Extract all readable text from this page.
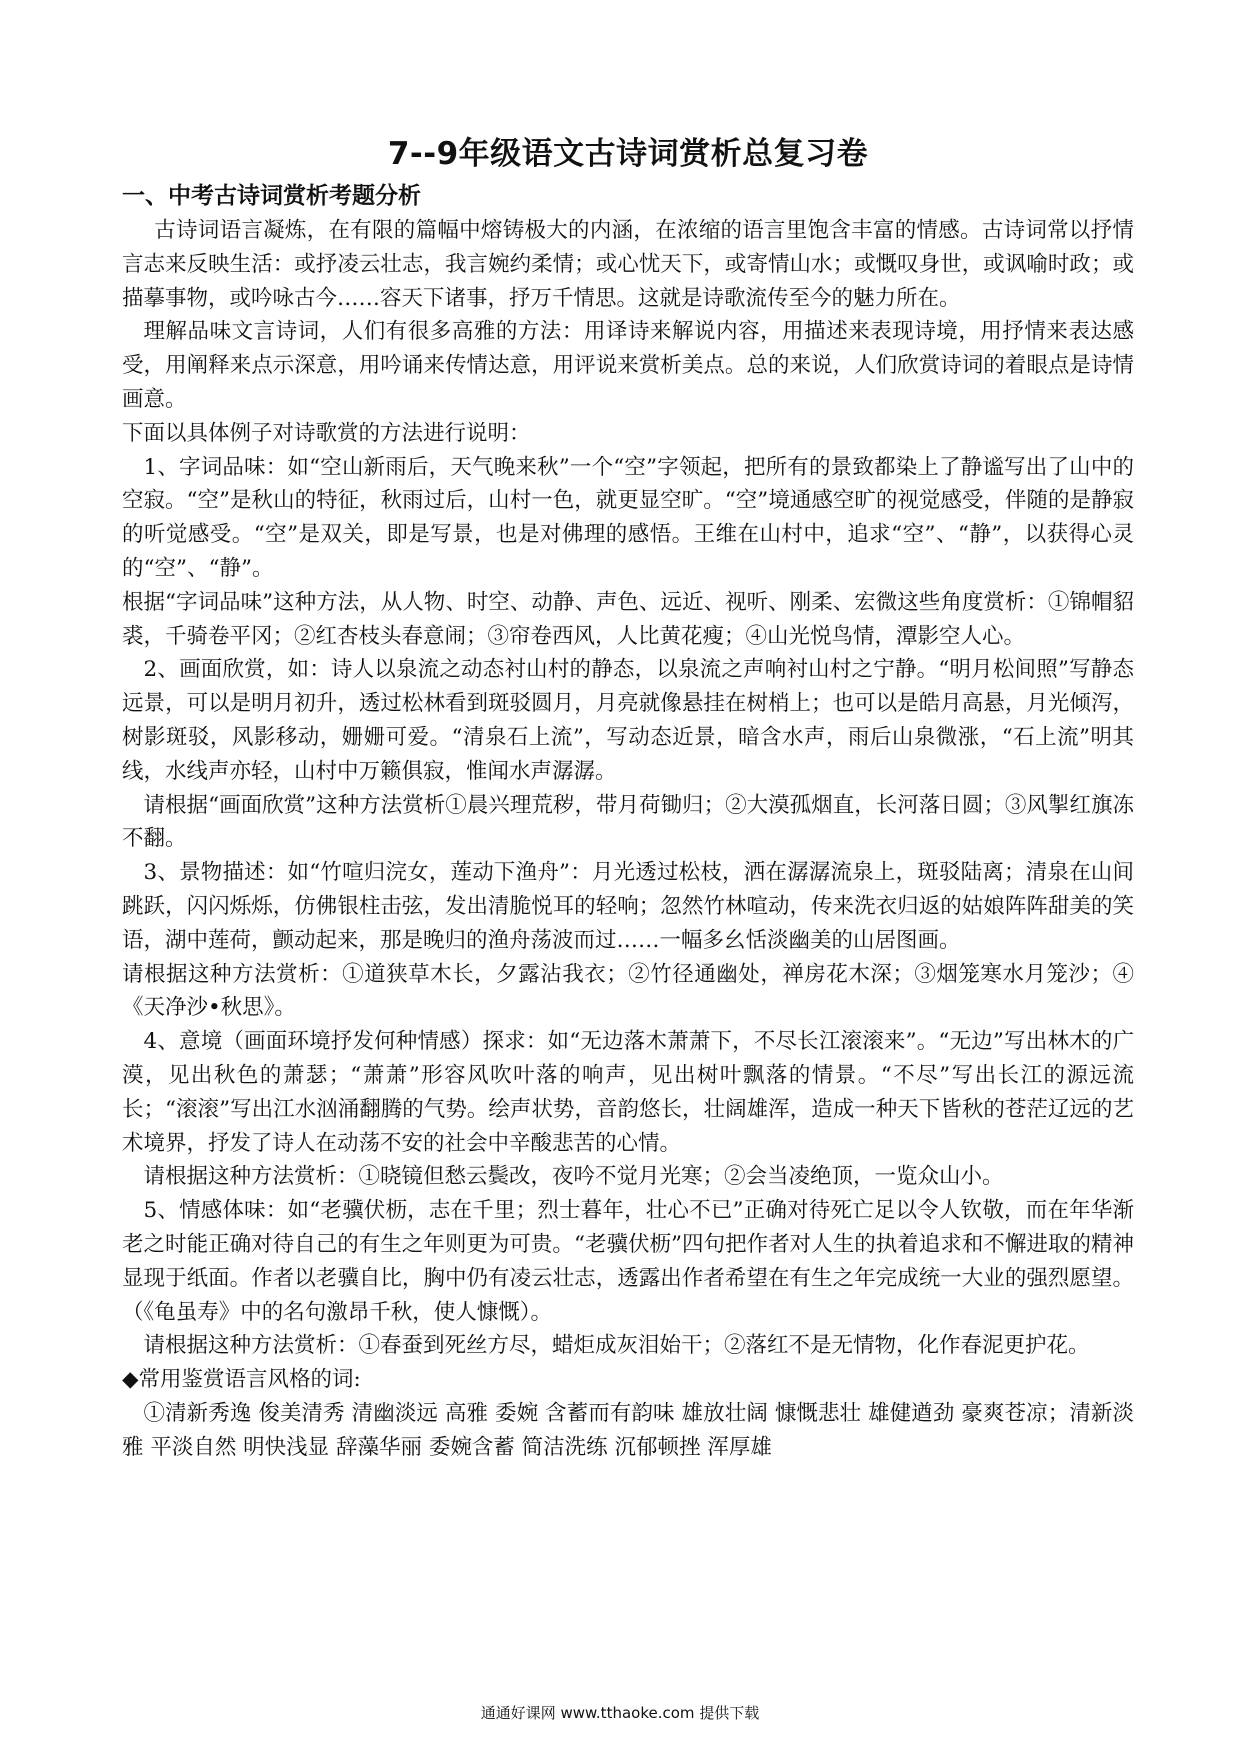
7--9年级语文古诗词赏析总复习卷
一、中考古诗词赏析考题分析

古诗词语言凝炼，在有限的篇幅中熔铸极大的内涵，在浓缩的语言里饱含丰富的情感。古诗词常以抒情言志来反映生活：或抒凌云壮志，我言婉约柔情；或心忧天下，或寄情山水；或慨叹身世，或讽喻时政；或描摹事物，或吟咏古今……容天下诸事，抒万千情思。这就是诗歌流传至今的魅力所在。

理解品味文言诗词，人们有很多高雅的方法：用译诗来解说内容，用描述来表现诗境，用抒情来表达感受，用阐释来点示深意，用吟诵来传情达意，用评说来赏析美点。总的来说，人们欣赏诗词的着眼点是诗情画意。

下面以具体例子对诗歌赏的方法进行说明：

1、字词品味：如“空山新雨后，天气晚来秋”一个“空”字领起，把所有的景致都染上了静谧写出了山中的空寂。“空”是秋山的特征，秋雨过后，山村一色，就更显空旷。“空”境通感空旷的视觉感受，伴随的是静寂的听觉感受。“空”是双关，即是写景，也是对佛理的感悟。王维在山村中，追求“空”、“静”，以获得心灵的“空”、“静”。

根据“字词品味”这种方法，从人物、时空、动静、声色、远近、视听、刚柔、宏微这些角度赏析：①锦帽貂裘，千骑卷平冈；②红杏枝头春意闹；③帘卷西风，人比黄花瘦；④山光悦鸟情，潭影空人心。

2、画面欣赏，如：诗人以泉流之动态衬山村的静态，以泉流之声响衬山村之宁静。“明月松间照”写静态远景，可以是明月初升，透过松林看到斑驳圆月，月亮就像悬挂在树梢上；也可以是皓月高悬，月光倾泻，树影斑驳，风影移动，姗姗可爱。“清泉石上流”，写动态近景，暗含水声，雨后山泉微涨，“石上流”明其线，水线声亦轻，山村中万籁俱寂，惟闻水声潺潺。

请根据“画面欣赏”这种方法赏析①晨兴理荒秽，带月荷锄归；②大漠孤烟直，长河落日圆；③风掣红旗冻不翻。

3、景物描述：如“竹喧归浣女，莲动下渔舟”：月光透过松枝，洒在潺潺流泉上，斑驳陆离；清泉在山间跳跃，闪闪烁烁，仿佛银柱击弦，发出清脆悦耳的轻响；忽然竹林喧动，传来洗衣归返的姑娘阵阵甜美的笑语，湖中莲荷，颤动起来，那是晚归的渔舟荡波而过……一幅多幺恬淡幽美的山居图画。

请根据这种方法赏析：①道狭草木长，夕露沾我衣；②竹径通幽处，禅房花木深；③烟笼寒水月笼沙；④《天净沙•秋思》。

4、意境（画面环境抒发何种情感）探求：如“无边落木萧萧下，不尽长江滚滚来”。“无边”写出林木的广漠，见出秋色的萧瑟；“萧萧”形容风吹叶落的响声，见出树叶飘落的情景。“不尽”写出长江的源远流长；“滚滚”写出江水汹涌翻腾的气势。绘声状势，音韵悠长，壮阔雄浑，造成一种天下皆秋的苍茫辽远的艺术境界，抒发了诗人在动荡不安的社会中辛酸悲苦的心情。

请根据这种方法赏析：①晓镜但愁云鬓改，夜吟不觉月光寒；②会当凌绝顶，一览众山小。

5、情感体味：如“老骥伏枥，志在千里；烈士暮年，壮心不已”正确对待死亡足以令人钦敬，而在年华渐老之时能正确对待自己的有生之年则更为可贵。“老骥伏枥”四句把作者对人生的执着追求和不懈进取的精神显现于纸面。作者以老骥自比，胸中仍有凌云壮志，透露出作者希望在有生之年完成统一大业的强烈愿望。（《龟虽寿》中的名句激昂千秋，使人慷慨）。

请根据这种方法赏析：①春蚕到死丝方尽，蜡炬成灰泪始干；②落红不是无情物，化作春泥更护花。

◆常用鉴赏语言风格的词:

①清新秀逸 俊美清秀 清幽淡远 高雅 委婉 含蓄而有韵味 雄放壮阔 慷慨悲壮 雄健遒劲 豪爽苍凉；清新淡雅 平淡自然 明快浅显 辞藻华丽 委婉含蓄 简洁洗练 沉郁顿挫 浑厚雄

通通好课网 www.tthaoke.com 提供下载
